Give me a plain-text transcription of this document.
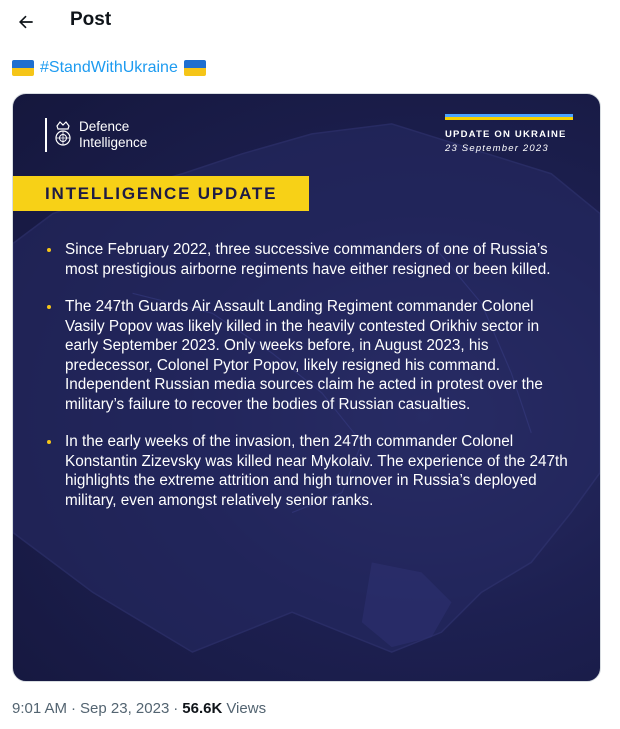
Post
#StandWithUkraine
Defence
Intelligence
UPDATE ON UKRAINE
23 September 2023
INTELLIGENCE UPDATE
Since February 2022, three successive commanders of one of Russia’s most prestigious airborne regiments have either resigned or been killed.
The 247th Guards Air Assault Landing Regiment commander Colonel Vasily Popov was likely killed in the heavily contested Orikhiv sector in early September 2023. Only weeks before, in August 2023, his predecessor, Colonel Pytor Popov, likely resigned his command. Independent Russian media sources claim he acted in protest over the military’s failure to recover the bodies of Russian casualties.
In the early weeks of the invasion, then 247th commander Colonel Konstantin Zizevsky was killed near Mykolaiv. The experience of the 247th highlights the extreme attrition and high turnover in Russia’s deployed military, even amongst relatively senior ranks.
9:01 AM · Sep 23, 2023 · 56.6K Views
